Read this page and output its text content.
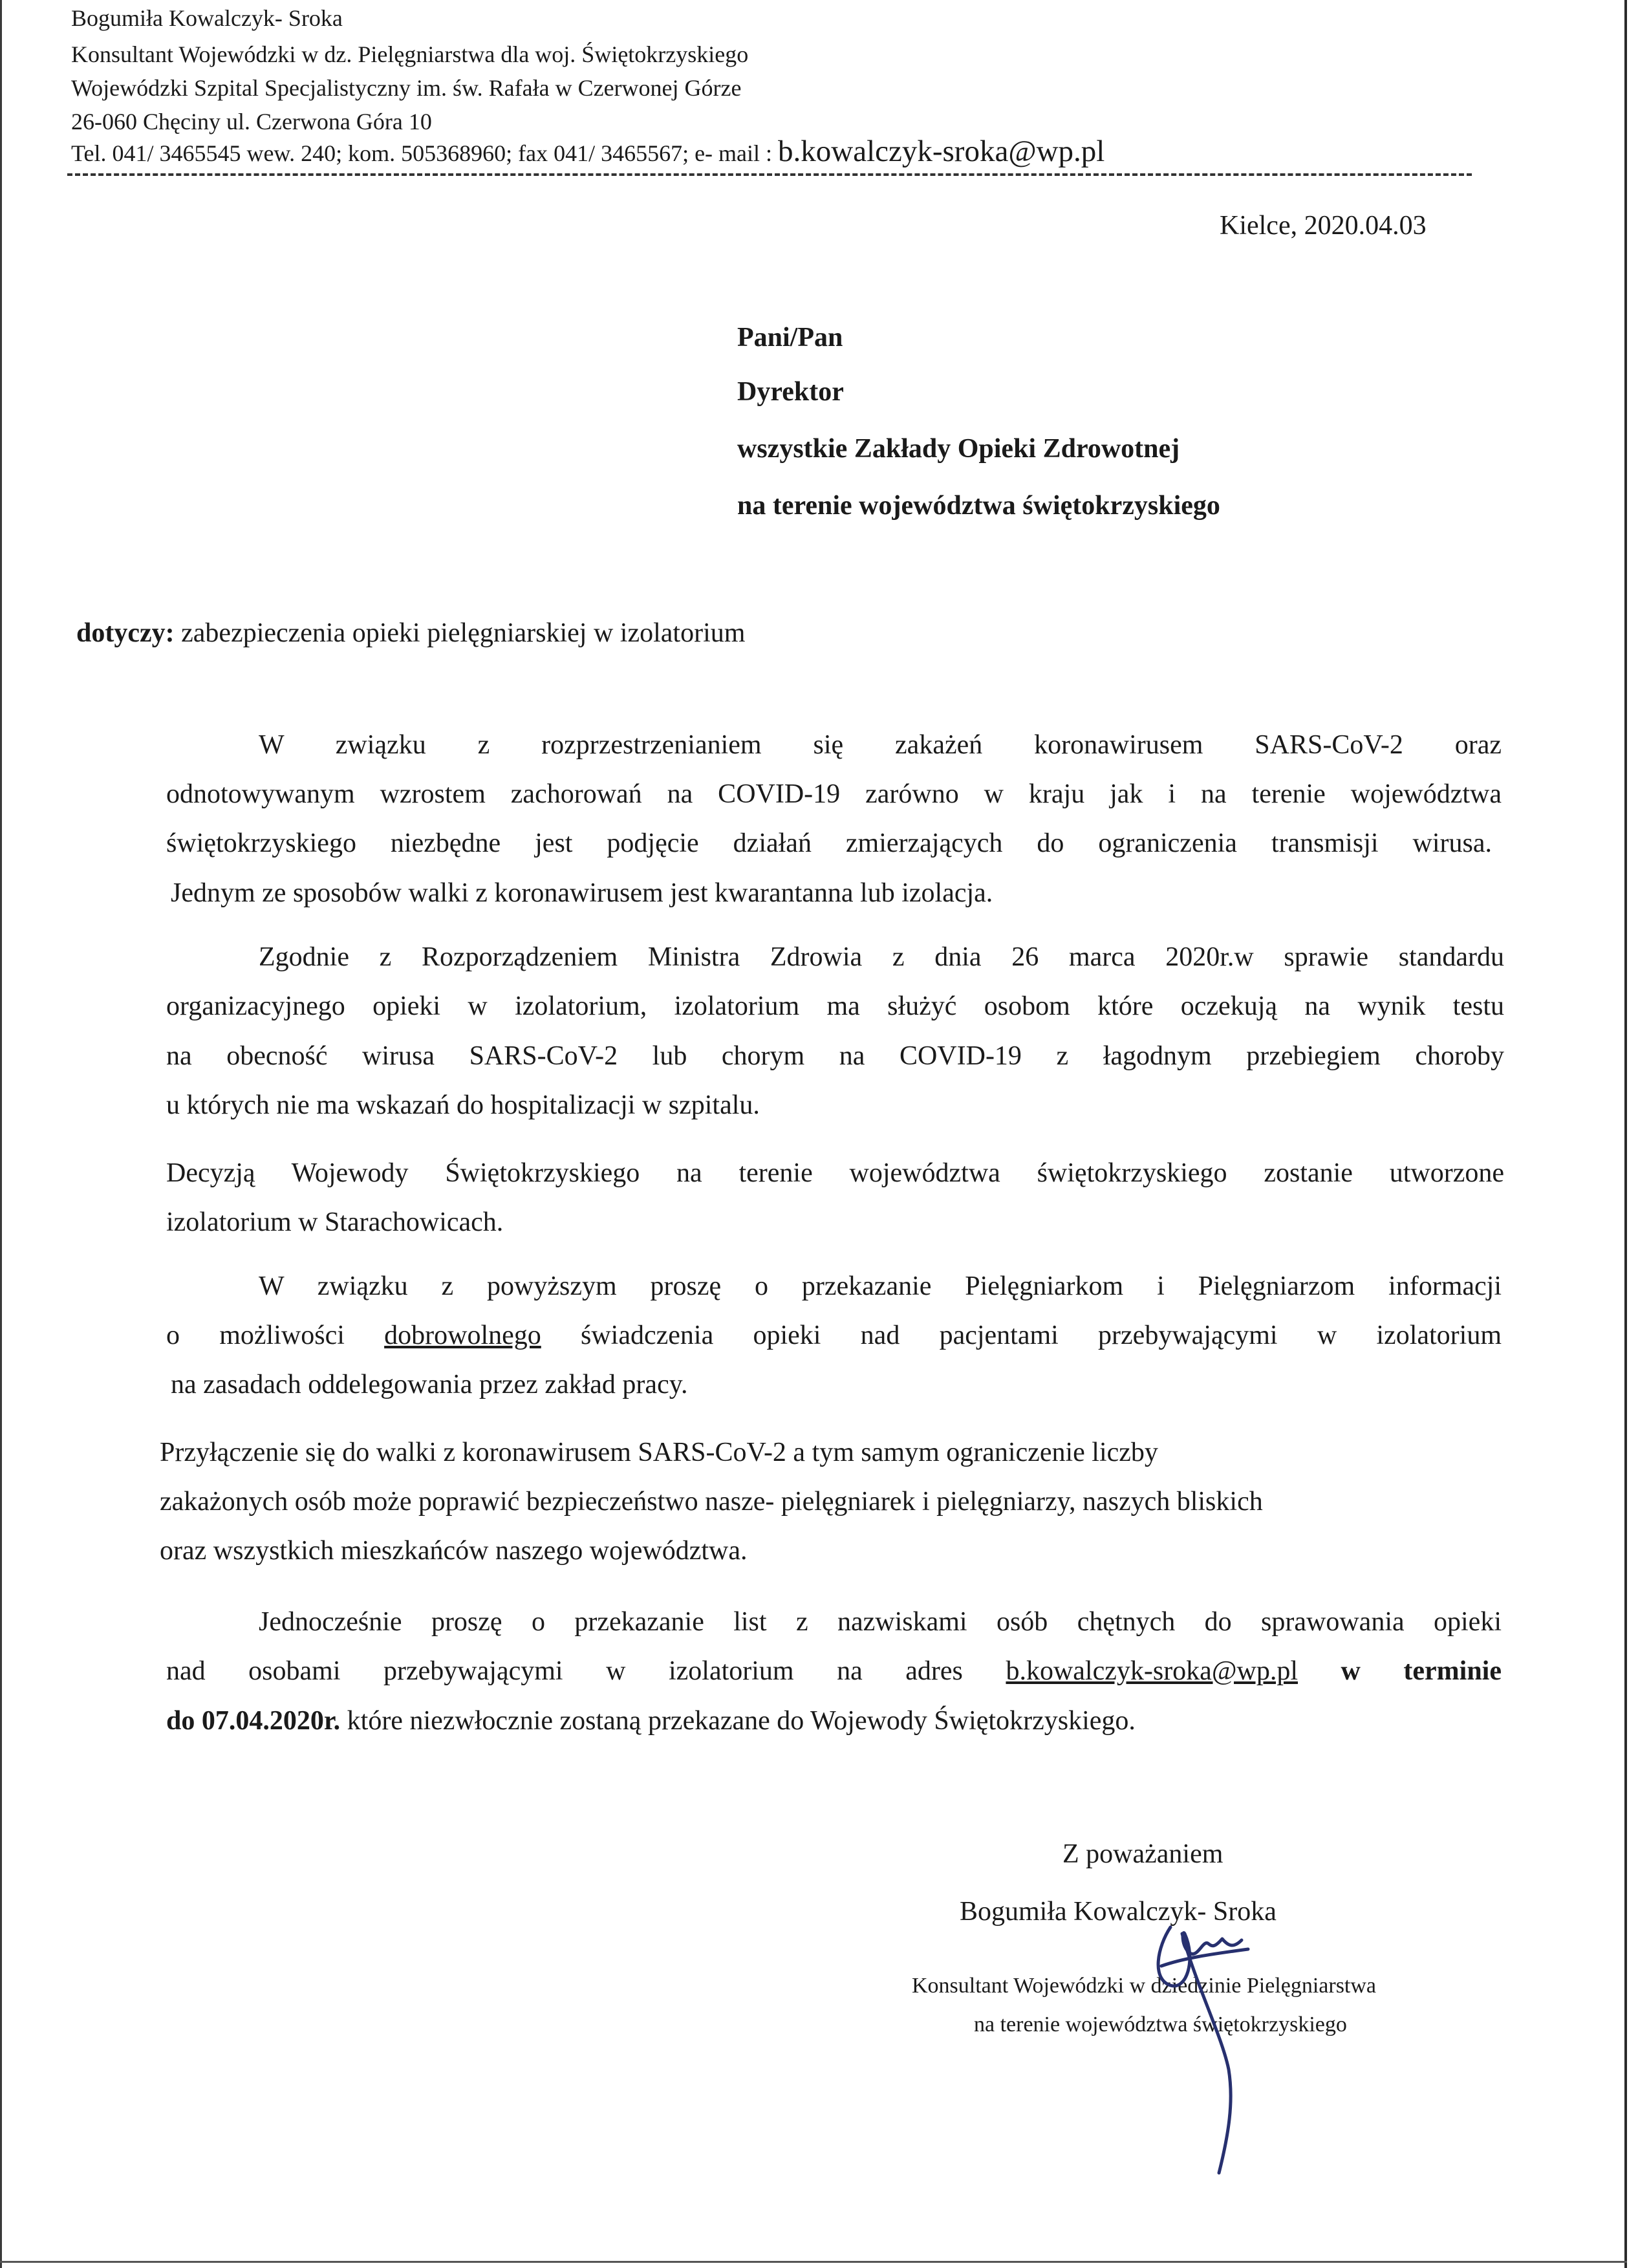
Bogumiła Kowalczyk- Sroka
Konsultant Wojewódzki w dz. Pielęgniarstwa dla woj. Świętokrzyskiego
Wojewódzki Szpital Specjalistyczny im. św. Rafała w Czerwonej Górze
26-060 Chęciny ul. Czerwona Góra 10
Tel. 041/ 3465545 wew. 240; kom. 505368960; fax 041/ 3465567; e- mail : b.kowalczyk-sroka@wp.pl
Kielce, 2020.04.03
Pani/Pan
Dyrektor
wszystkie Zakłady Opieki Zdrowotnej
na terenie województwa świętokrzyskiego
dotyczy: zabezpieczenia opieki pielęgniarskiej w izolatorium
W związku z rozprzestrzenianiem się zakażeń koronawirusem SARS-CoV-2 oraz
odnotowywanym wzrostem zachorowań na COVID-19 zarówno w kraju jak i na terenie województwa
świętokrzyskiego niezbędne jest podjęcie działań zmierzających do ograniczenia transmisji wirusa.
Jednym ze sposobów walki z koronawirusem jest kwarantanna lub izolacja.
Zgodnie z Rozporządzeniem Ministra Zdrowia z dnia 26 marca 2020r.w sprawie standardu
organizacyjnego opieki w izolatorium, izolatorium ma służyć osobom które oczekują na wynik testu
na obecność wirusa SARS-CoV-2 lub chorym na COVID-19 z łagodnym przebiegiem choroby
u których nie ma wskazań do hospitalizacji w szpitalu.
Decyzją Wojewody Świętokrzyskiego na terenie województwa świętokrzyskiego zostanie utworzone
izolatorium w Starachowicach.
W związku z powyższym proszę o przekazanie Pielęgniarkom i Pielęgniarzom informacji
o możliwości dobrowolnego świadczenia opieki nad pacjentami przebywającymi w izolatorium
na zasadach oddelegowania przez zakład pracy.
Przyłączenie się do walki z koronawirusem SARS-CoV-2 a tym samym ograniczenie liczby
zakażonych osób może poprawić bezpieczeństwo nasze- pielęgniarek i pielęgniarzy, naszych bliskich
oraz wszystkich mieszkańców naszego województwa.
Jednocześnie proszę o przekazanie list z nazwiskami osób chętnych do sprawowania opieki
nad osobami przebywającymi w izolatorium na adres b.kowalczyk-sroka@wp.pl w terminie
do 07.04.2020r. które niezwłocznie zostaną przekazane do Wojewody Świętokrzyskiego.
Z poważaniem
Bogumiła Kowalczyk- Sroka
Konsultant Wojewódzki w dziedzinie Pielęgniarstwa
na terenie województwa świętokrzyskiego
